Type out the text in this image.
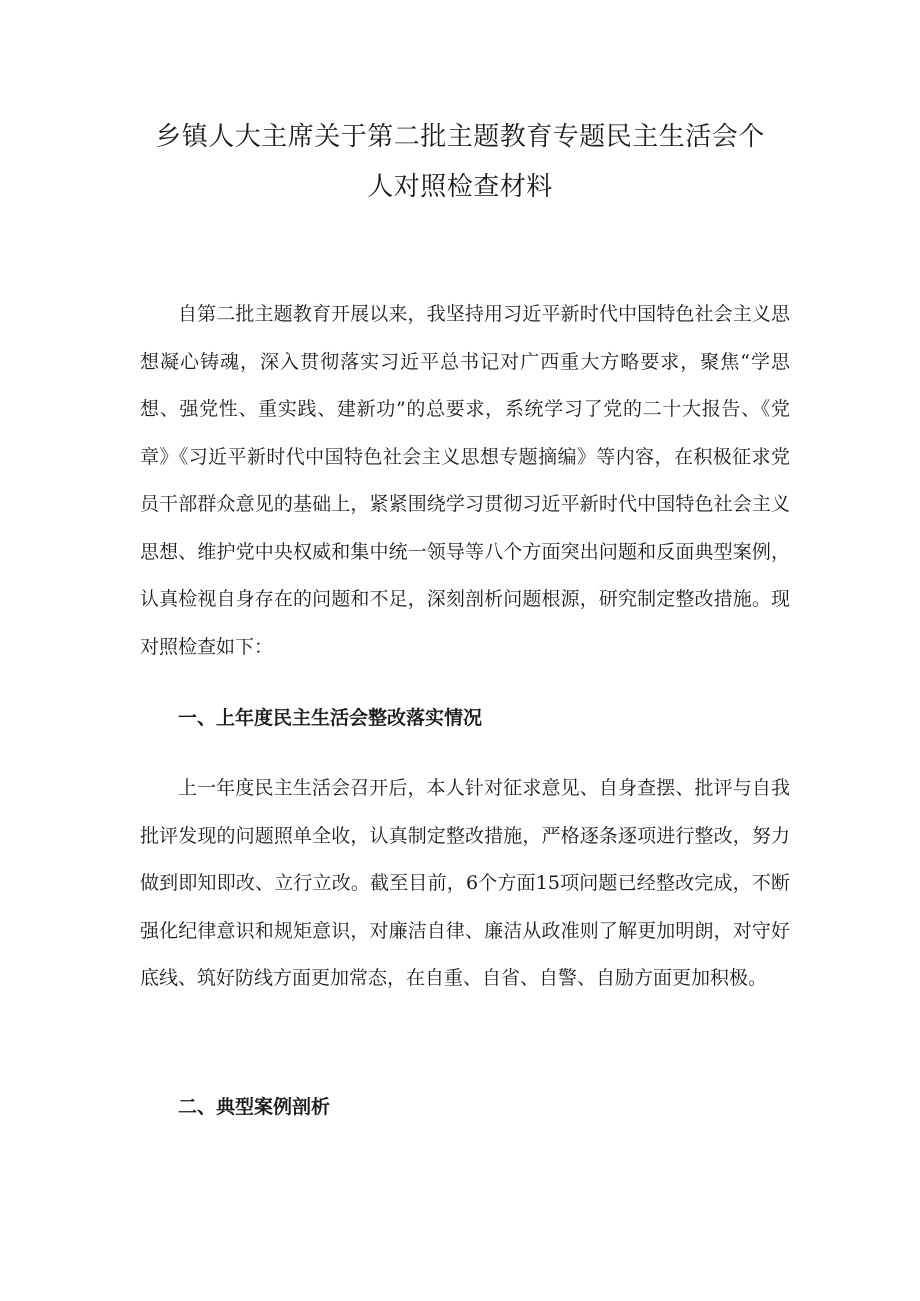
乡镇人大主席关于第二批主题教育专题民主生活会个
人对照检查材料

自第二批主题教育开展以来，我坚持用习近平新时代中国特色社会主义思想凝心铸魂，深入贯彻落实习近平总书记对广西重大方略要求，聚焦“学思想、强党性、重实践、建新功”的总要求，系统学习了党的二十大报告、《党章》《习近平新时代中国特色社会主义思想专题摘编》等内容，在积极征求党员干部群众意见的基础上，紧紧围绕学习贯彻习近平新时代中国特色社会主义思想、维护党中央权威和集中统一领导等八个方面突出问题和反面典型案例，认真检视自身存在的问题和不足，深刻剖析问题根源，研究制定整改措施。现对照检查如下：

一、上年度民主生活会整改落实情况

上一年度民主生活会召开后，本人针对征求意见、自身查摆、批评与自我批评发现的问题照单全收，认真制定整改措施，严格逐条逐项进行整改，努力做到即知即改、立行立改。截至目前，6个方面15项问题已经整改完成，不断强化纪律意识和规矩意识，对廉洁自律、廉洁从政准则了解更加明朗，对守好底线、筑好防线方面更加常态，在自重、自省、自警、自励方面更加积极。

二、典型案例剖析
